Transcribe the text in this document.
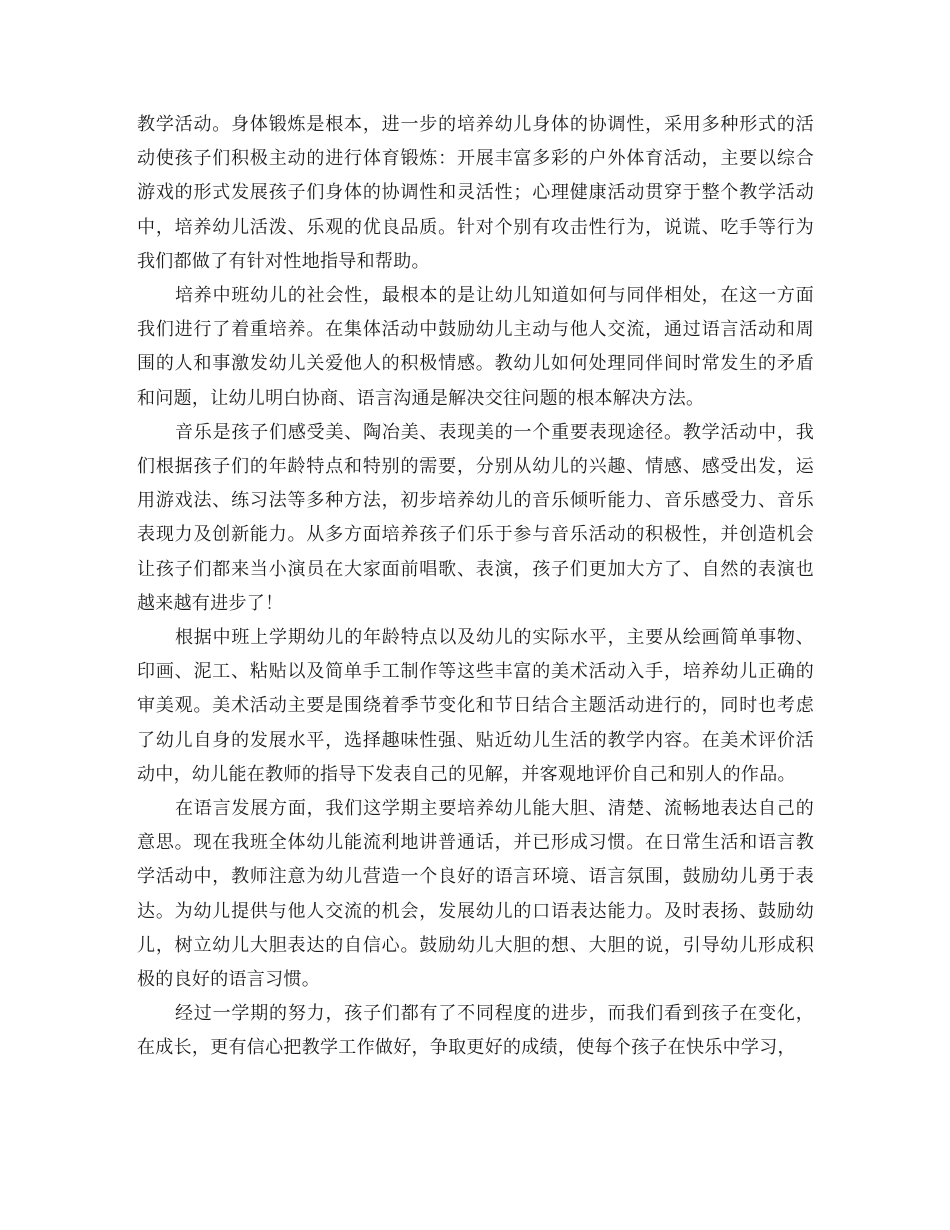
教学活动。身体锻炼是根本，进一步的培养幼儿身体的协调性，采用多种形式的活动使孩子们积极主动的进行体育锻炼：开展丰富多彩的户外体育活动，主要以综合游戏的形式发展孩子们身体的协调性和灵活性；心理健康活动贯穿于整个教学活动中，培养幼儿活泼、乐观的优良品质。针对个别有攻击性行为，说谎、吃手等行为我们都做了有针对性地指导和帮助。

培养中班幼儿的社会性，最根本的是让幼儿知道如何与同伴相处，在这一方面我们进行了着重培养。在集体活动中鼓励幼儿主动与他人交流，通过语言活动和周围的人和事激发幼儿关爱他人的积极情感。教幼儿如何处理同伴间时常发生的矛盾和问题，让幼儿明白协商、语言沟通是解决交往问题的根本解决方法。

音乐是孩子们感受美、陶冶美、表现美的一个重要表现途径。教学活动中，我们根据孩子们的年龄特点和特别的需要，分别从幼儿的兴趣、情感、感受出发，运用游戏法、练习法等多种方法，初步培养幼儿的音乐倾听能力、音乐感受力、音乐表现力及创新能力。从多方面培养孩子们乐于参与音乐活动的积极性，并创造机会让孩子们都来当小演员在大家面前唱歌、表演，孩子们更加大方了、自然的表演也越来越有进步了！

根据中班上学期幼儿的年龄特点以及幼儿的实际水平，主要从绘画简单事物、印画、泥工、粘贴以及简单手工制作等这些丰富的美术活动入手，培养幼儿正确的审美观。美术活动主要是围绕着季节变化和节日结合主题活动进行的，同时也考虑了幼儿自身的发展水平，选择趣味性强、贴近幼儿生活的教学内容。在美术评价活动中，幼儿能在教师的指导下发表自己的见解，并客观地评价自己和别人的作品。

在语言发展方面，我们这学期主要培养幼儿能大胆、清楚、流畅地表达自己的意思。现在我班全体幼儿能流利地讲普通话，并已形成习惯。在日常生活和语言教学活动中，教师注意为幼儿营造一个良好的语言环境、语言氛围，鼓励幼儿勇于表达。为幼儿提供与他人交流的机会，发展幼儿的口语表达能力。及时表扬、鼓励幼儿，树立幼儿大胆表达的自信心。鼓励幼儿大胆的想、大胆的说，引导幼儿形成积极的良好的语言习惯。

经过一学期的努力，孩子们都有了不同程度的进步，而我们看到孩子在变化，在成长，更有信心把教学工作做好，争取更好的成绩，使每个孩子在快乐中学习，
